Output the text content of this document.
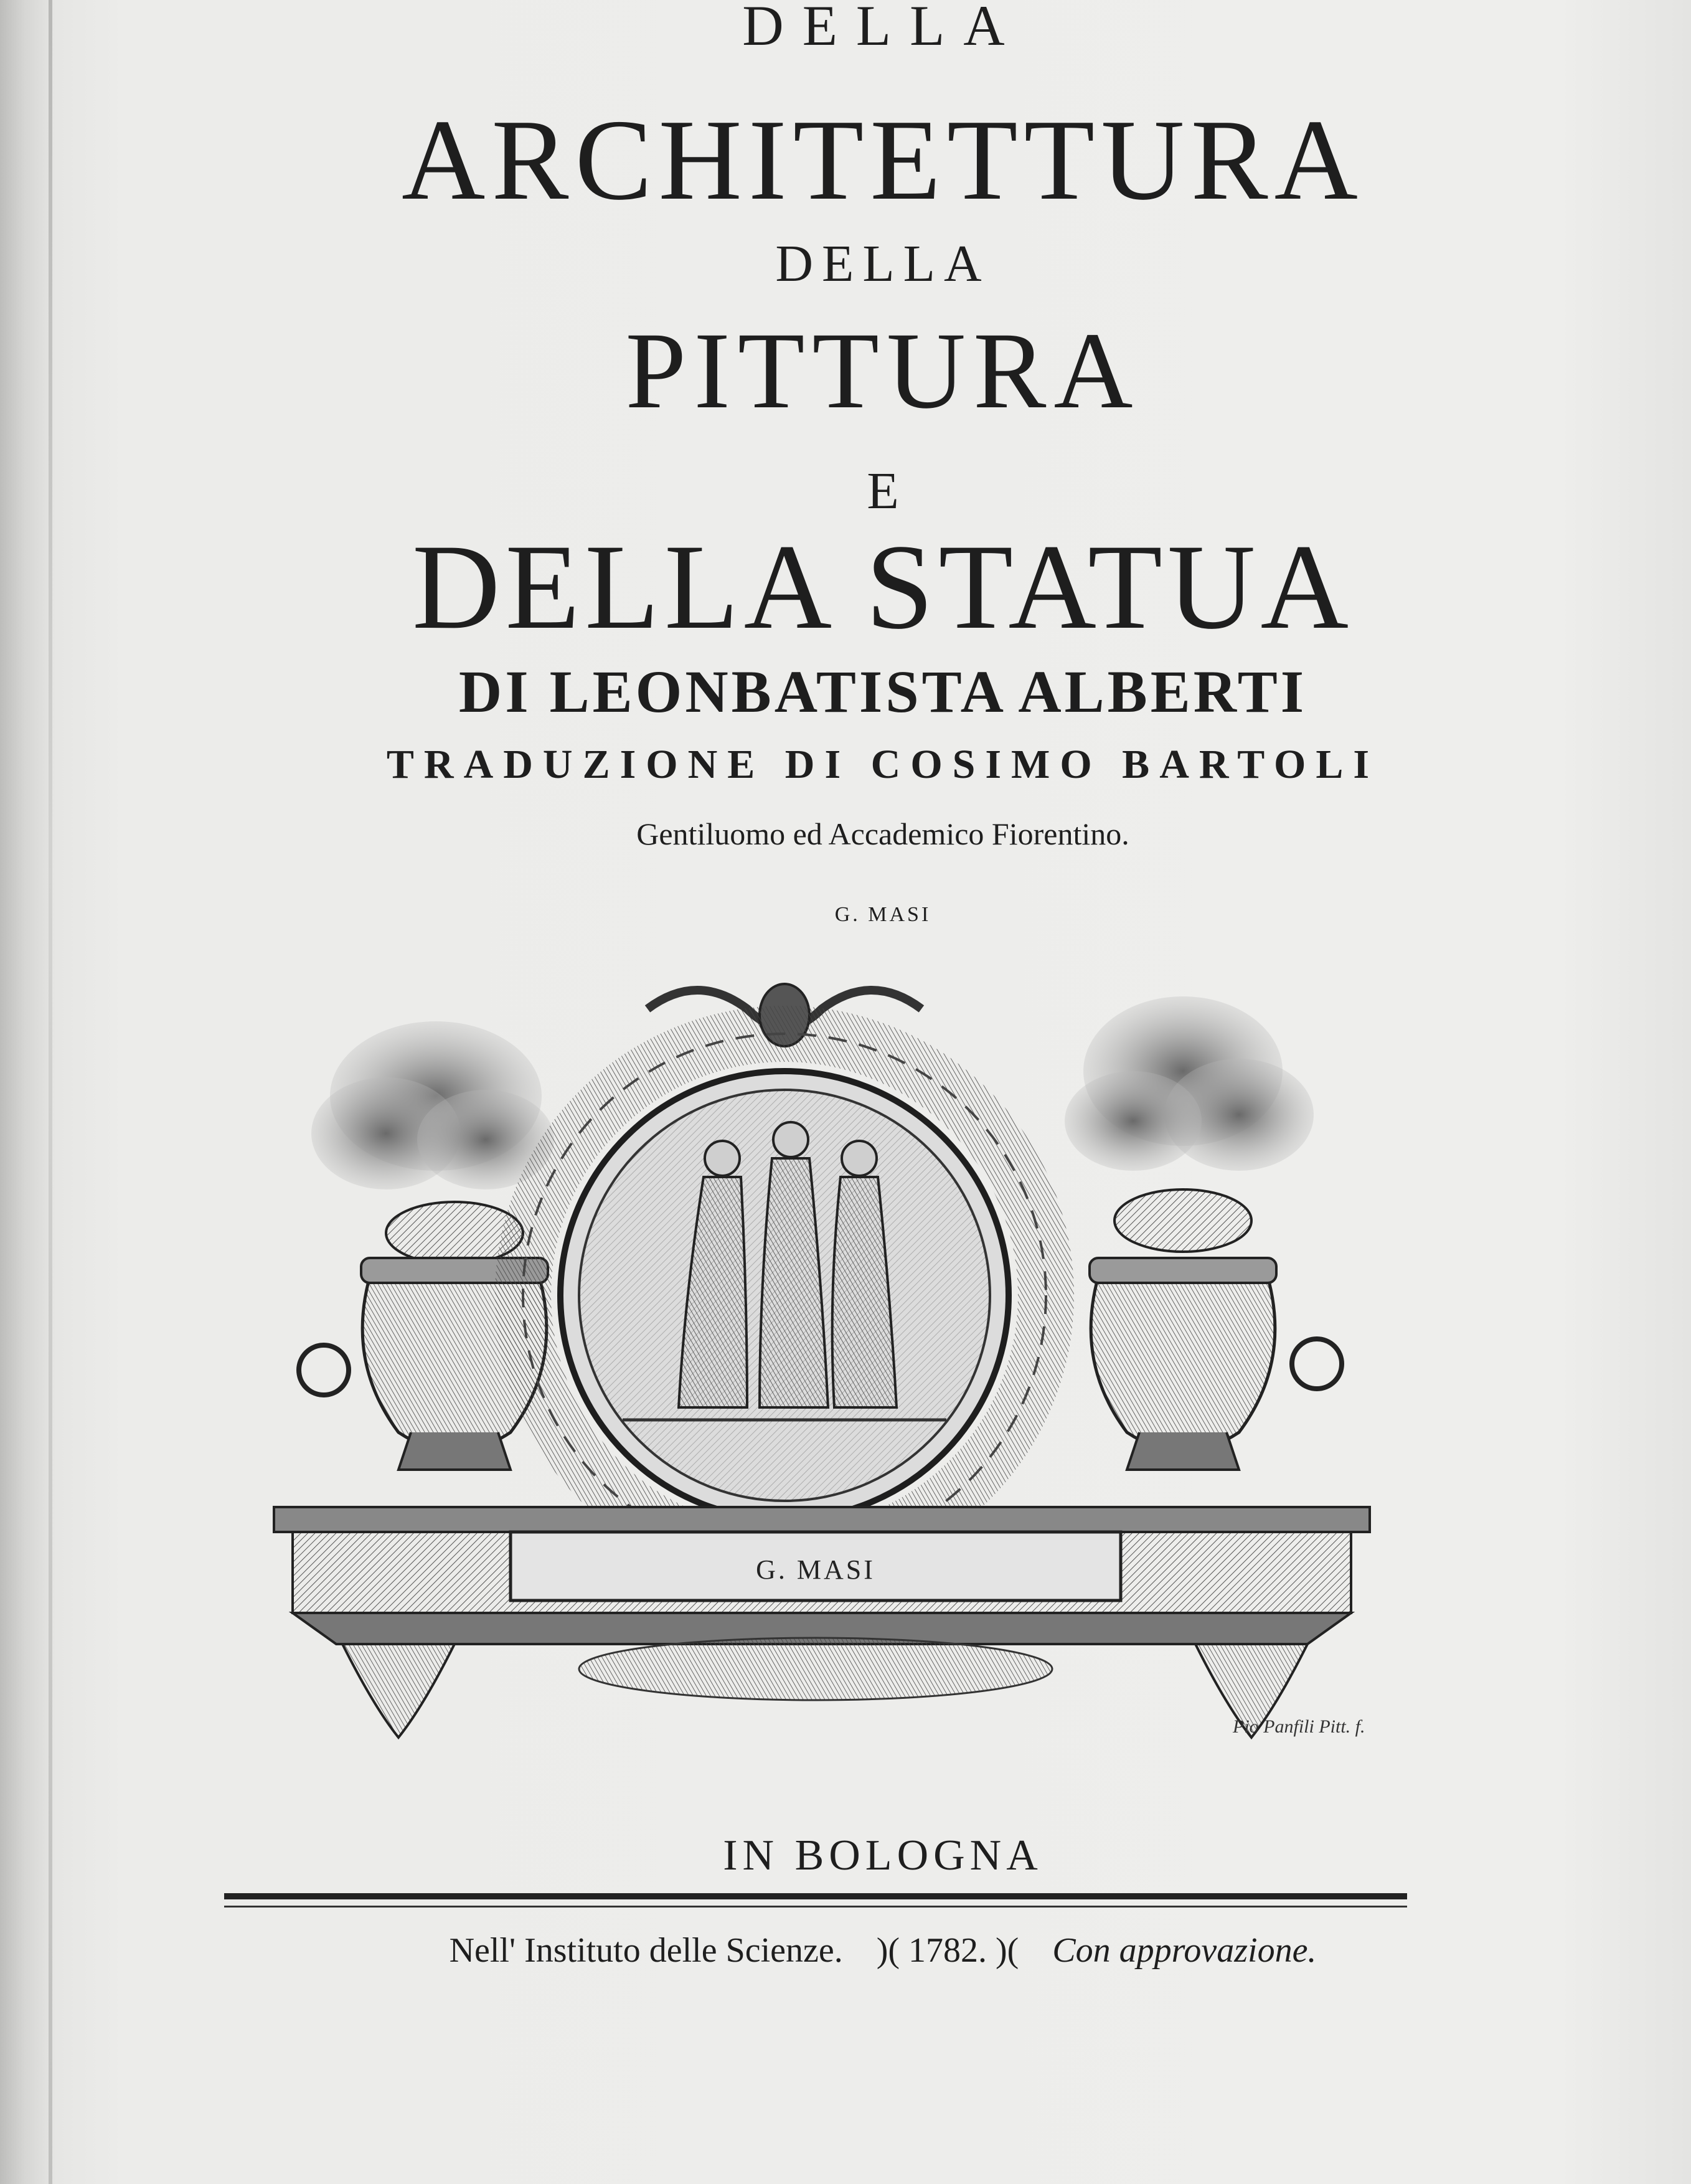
DELLA
ARCHITETTURA
DELLA
PITTURA
E
DELLA STATUA
DI LEONBATISTA ALBERTI
TRADUZIONE DI COSIMO BARTOLI
Gentiluomo ed Accademico Fiorentino.
G. MASI
G. MASI
Pio Panfili Pitt. f.
IN BOLOGNA
Nell' Instituto delle Scienze. )( 1782. )( Con approvazione.
